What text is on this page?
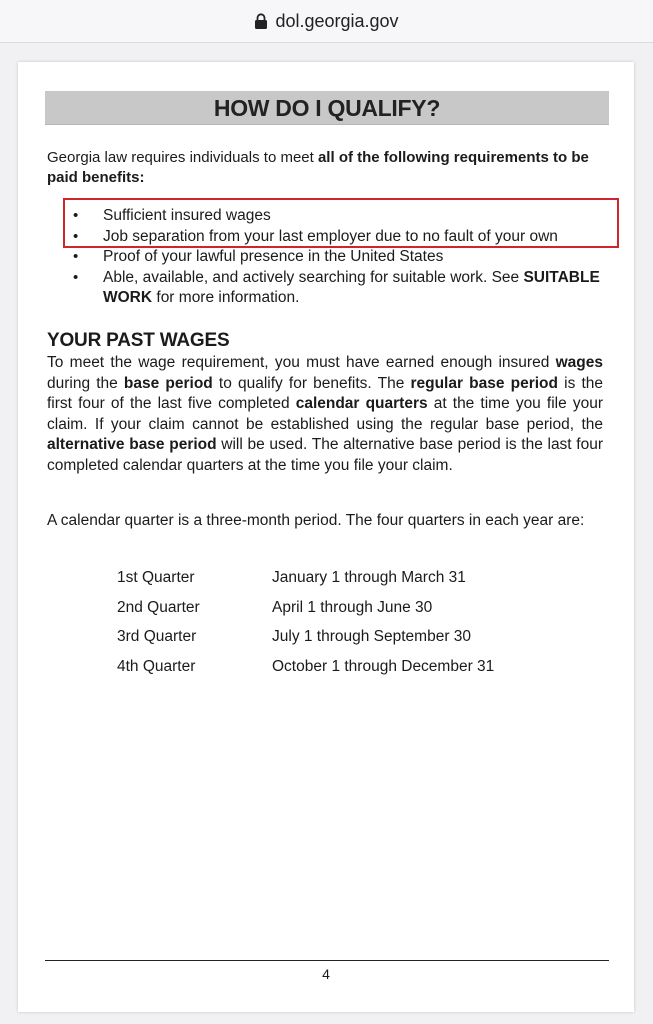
dol.georgia.gov
HOW DO I QUALIFY?
Georgia law requires individuals to meet all of the following requirements to be paid benefits:
• Sufficient insured wages
• Job separation from your last employer due to no fault of your own
• Proof of your lawful presence in the United States
• Able, available, and actively searching for suitable work. See SUITABLE WORK for more information.
YOUR PAST WAGES
To meet the wage requirement, you must have earned enough insured wages during the base period to qualify for benefits. The regular base period is the first four of the last five completed calendar quarters at the time you file your claim. If your claim cannot be established using the regular base period, the alternative base period will be used. The alternative base period is the last four completed calendar quarters at the time you file your claim.
A calendar quarter is a three-month period. The four quarters in each year are:
1st Quarter	January 1 through March 31
2nd Quarter	April 1 through June 30
3rd Quarter	July 1 through September 30
4th Quarter	October 1 through December 31
4
